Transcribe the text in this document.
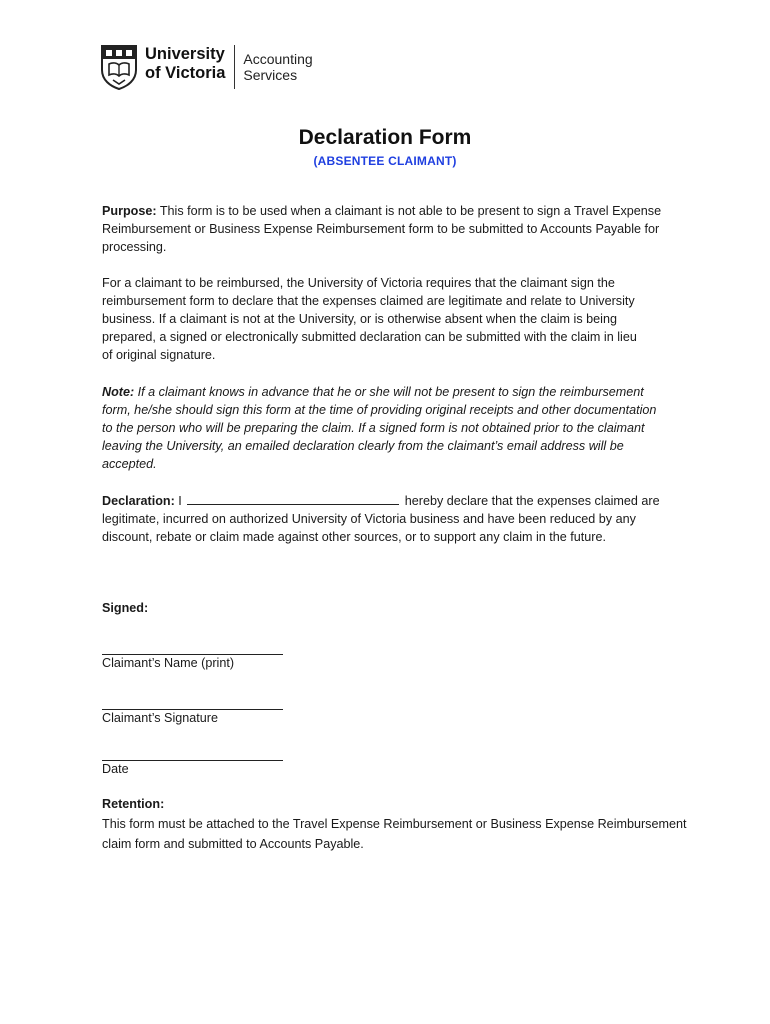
University
of Victoria
Accounting
Services
Declaration Form
(ABSENTEE CLAIMANT)
Purpose: This form is to be used when a claimant is not able to be present to sign a Travel Expense
Reimbursement or Business Expense Reimbursement form to be submitted to Accounts Payable for
processing.
For a claimant to be reimbursed, the University of Victoria requires that the claimant sign the
reimbursement form to declare that the expenses claimed are legitimate and relate to University
business. If a claimant is not at the University, or is otherwise absent when the claim is being
prepared, a signed or electronically submitted declaration can be submitted with the claim in lieu
of original signature.
Note: If a claimant knows in advance that he or she will not be present to sign the reimbursement
form, he/she should sign this form at the time of providing original receipts and other documentation
to the person who will be preparing the claim. If a signed form is not obtained prior to the claimant
leaving the University, an emailed declaration clearly from the claimant’s email address will be
accepted.
Declaration: I	hereby declare that the expenses claimed are
legitimate, incurred on authorized University of Victoria business and have been reduced by any
discount, rebate or claim made against other sources, or to support any claim in the future.
Signed:
Claimant’s Name (print)
Claimant’s Signature
Date
Retention:
This form must be attached to the Travel Expense Reimbursement or Business Expense Reimbursement
claim form and submitted to Accounts Payable.
